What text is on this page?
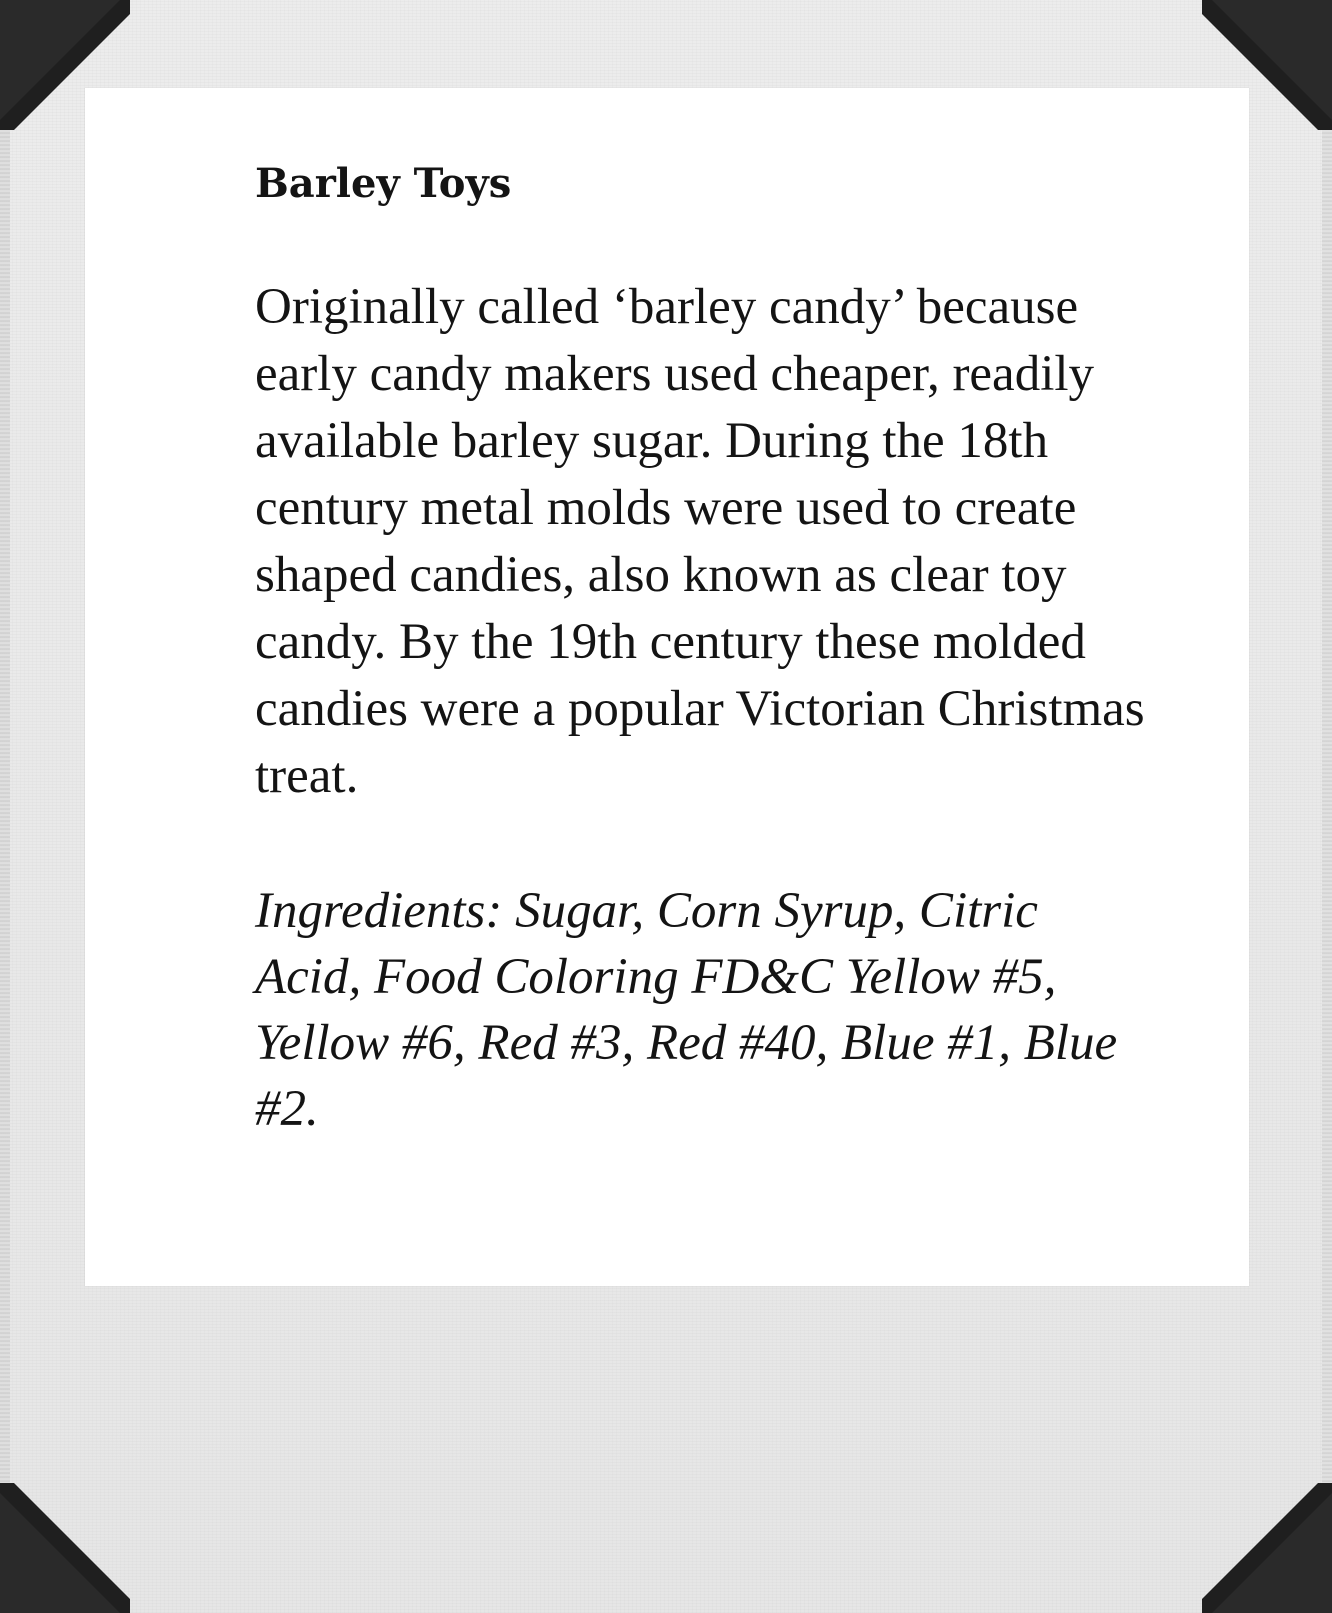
Barley Toys

Originally called ‘barley candy’ because early candy makers used cheaper, readily available barley sugar. During the 18th century metal molds were used to create shaped candies, also known as clear toy candy. By the 19th century these molded candies were a popular Victorian Christmas treat.

Ingredients: Sugar, Corn Syrup, Citric Acid, Food Coloring FD&C Yellow #5, Yellow #6, Red #3, Red #40, Blue #1, Blue #2.
